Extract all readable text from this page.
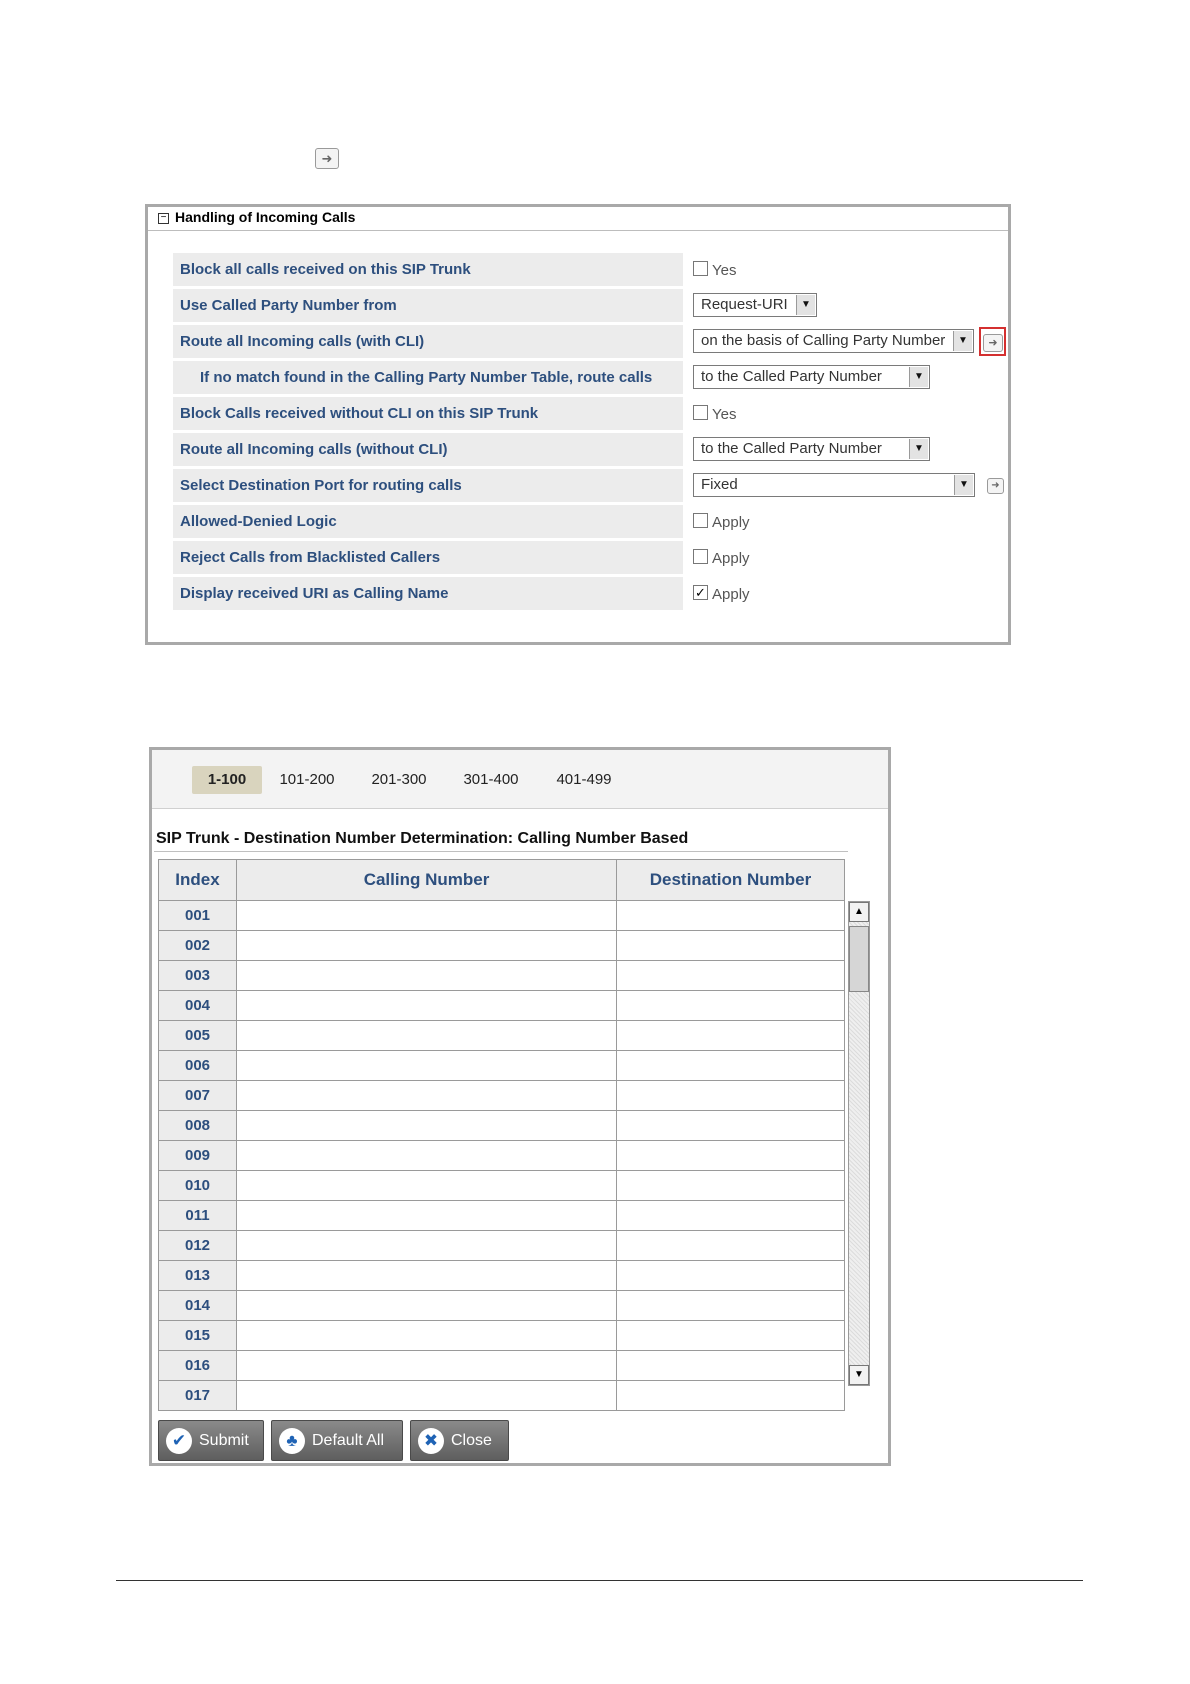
➜
− Handling of Incoming Calls
Block all calls received on this SIP Trunk	Yes
Use Called Party Number from	Request-URI	▼
Route all Incoming calls (with CLI)	on the basis of Calling Party Number	▼	➜
If no match found in the Calling Party Number Table, route calls	to the Called Party Number	▼
Block Calls received without CLI on this SIP Trunk	Yes
Route all Incoming calls (without CLI)	to the Called Party Number	▼
Select Destination Port for routing calls	Fixed	▼	➜
Allowed-Denied Logic	Apply
Reject Calls from Blacklisted Callers	Apply
Display received URI as Calling Name	✓ Apply
1-100	101-200	201-300	301-400	401-499
SIP Trunk - Destination Number Determination: Calling Number Based
Index	Calling Number	Destination Number
001		
002		
003		
004		
005		
006		
007		
008		
009		
010		
011		
012		
013		
014		
015		
016		
017		
▲
▼
✔ Submit	♣ Default All	✖ Close
